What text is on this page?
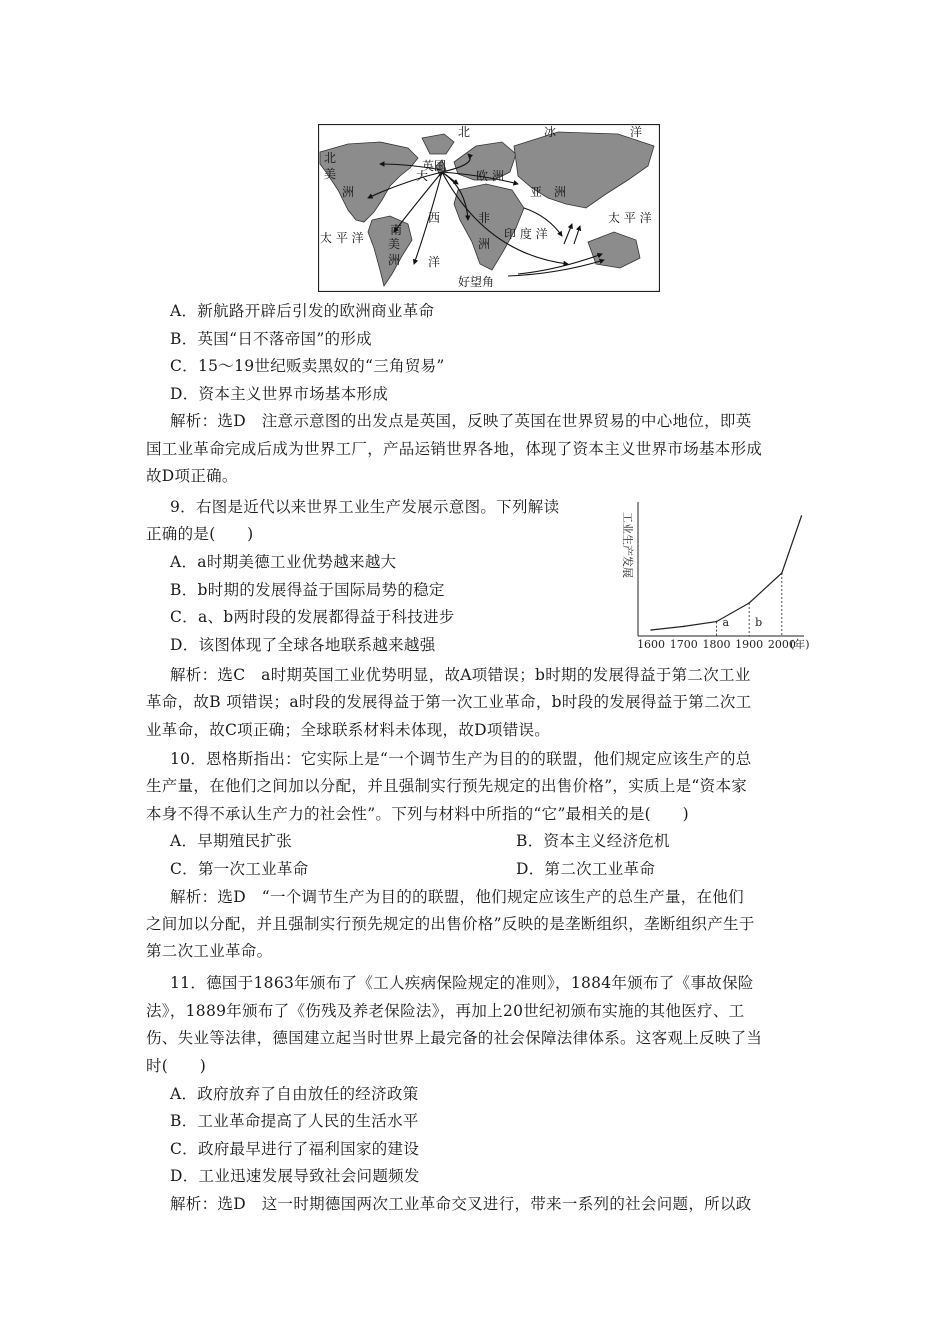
北	冰	洋
北
美
洲
英国
大	欧 洲
亚 洲
西	非
洲
南
美
洲
太 平 洋
太 平 洋
印 度 洋
洋
好望角
A．新航路开辟后引发的欧洲商业革命
B．英国“日不落帝国”的形成
C．15～19世纪贩卖黑奴的“三角贸易”
D．资本主义世界市场基本形成
解析：选D　注意示意图的出发点是英国，反映了英国在世界贸易的中心地位，即英
国工业革命完成后成为世界工厂，产品运销世界各地，体现了资本主义世界市场基本形成
故D项正确。
9．右图是近代以来世界工业生产发展示意图。下列解读
正确的是(　　)
A．a时期美德工业优势越来越大
B．b时期的发展得益于国际局势的稳定
C．a、b两时段的发展都得益于科技进步
D．该图体现了全球各地联系越来越强	1600 1700 1800 1900 2000
a b
工业生产发展
(年)
解析：选C　a时期英国工业优势明显，故A项错误；b时期的发展得益于第二次工业
革命，故B 项错误；a时段的发展得益于第一次工业革命，b时段的发展得益于第二次工
业革命，故C项正确；全球联系材料未体现，故D项错误。
10．恩格斯指出：它实际上是“一个调节生产为目的的联盟，他们规定应该生产的总
生产量，在他们之间加以分配，并且强制实行预先规定的出售价格”，实质上是“资本家
本身不得不承认生产力的社会性”。下列与材料中所指的“它”最相关的是(　　)
A．早期殖民扩张	B．资本主义经济危机
C．第一次工业革命	D．第二次工业革命
解析：选D　“一个调节生产为目的的联盟，他们规定应该生产的总生产量，在他们
之间加以分配，并且强制实行预先规定的出售价格”反映的是垄断组织，垄断组织产生于
第二次工业革命。
11．德国于1863年颁布了《工人疾病保险规定的准则》，1884年颁布了《事故保险
法》，1889年颁布了《伤残及养老保险法》，再加上20世纪初颁布实施的其他医疗、工
伤、失业等法律，德国建立起当时世界上最完备的社会保障法律体系。这客观上反映了当
时(　　)
A．政府放弃了自由放任的经济政策
B．工业革命提高了人民的生活水平
C．政府最早进行了福利国家的建设
D．工业迅速发展导致社会问题频发
解析：选D　这一时期德国两次工业革命交叉进行，带来一系列的社会问题，所以政
